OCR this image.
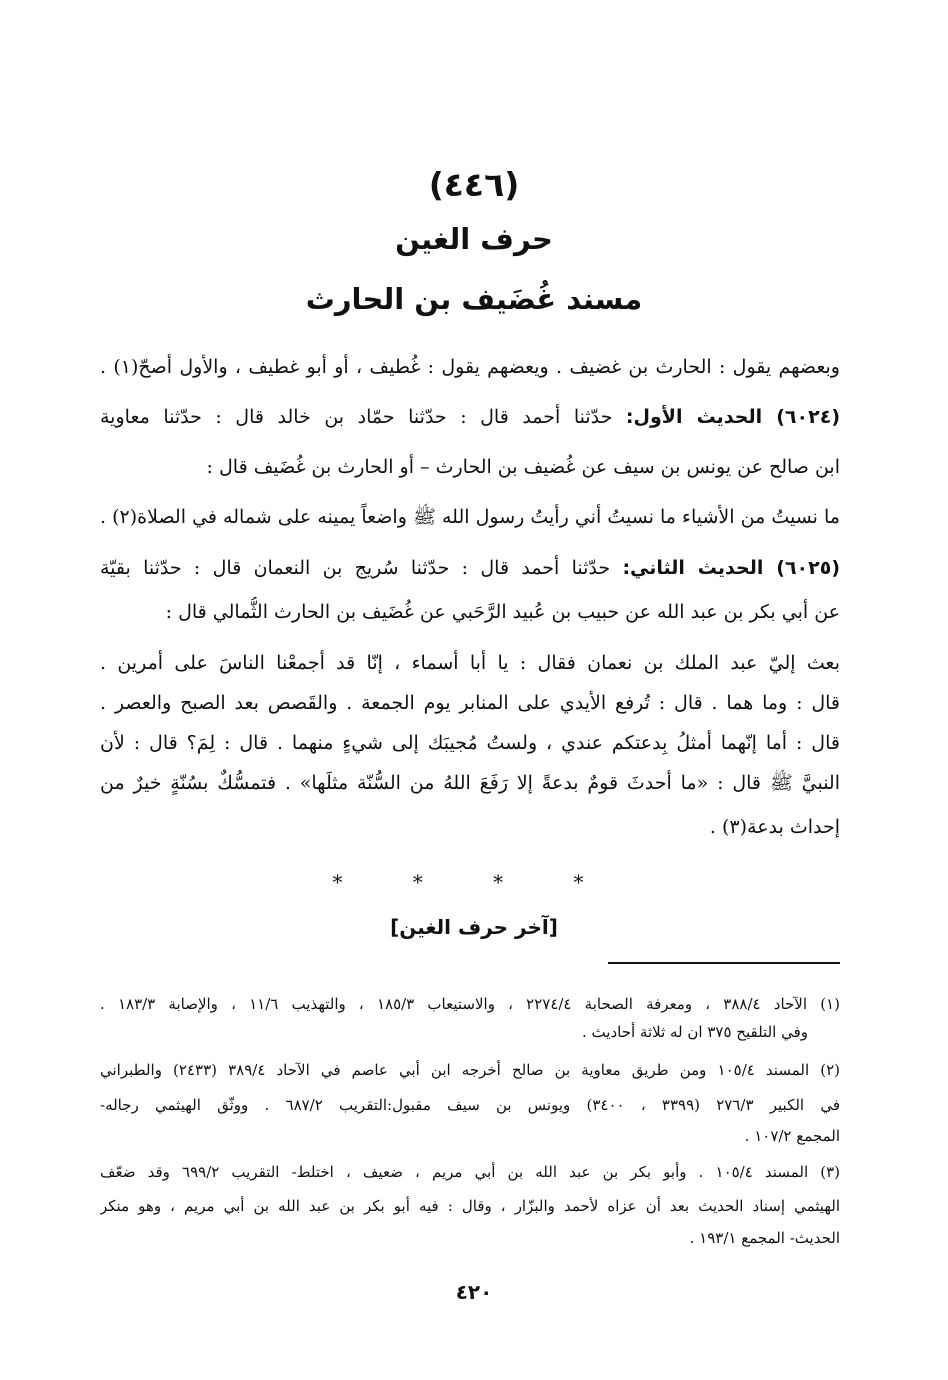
(٤٤٦)
حرف الغين
مسند غُضَيف بن الحارث
وبعضهم يقول : الحارث بن غضيف . ويعضهم يقول : غُطيف ، أو أبو غطيف ، والأول أصحّ(١) .
(٦٠٢٤) الحديث الأول: حدّثنا أحمد قال : حدّثنا حمّاد بن خالد قال : حدّثنا معاوية
ابن صالح عن يونس بن سيف عن غُضيف بن الحارث – أو الحارث بن غُضَيف قال :
ما نسيتُ من الأشياء ما نسيتُ أني رأيتُ رسول الله ﷺ واضعاً يمينه على شماله في الصلاة(٢) .
(٦٠٢٥) الحديث الثاني: حدّثنا أحمد قال : حدّثنا سُريج بن النعمان قال : حدّثنا بقيّة
عن أبي بكر بن عبد الله عن حبيب بن عُبيد الرَّحَبي عن غُضَيف بن الحارث الثُّمالي قال :
بعث إليّ عبد الملك بن نعمان فقال : يا أبا أسماء ، إنّا قد أجمعْنا الناسَ على أمرين .
قال : وما هما . قال : تُرفع الأيدي على المنابر يوم الجمعة . والقَصص بعد الصبح والعصر .
قال : أما إنّهما أمثلُ بِدعتكم عندي ، ولستُ مُجيبَك إلى شيءٍ منهما . قال : لِمَ؟ قال : لأن
النبيَّ ﷺ قال : «ما أحدثَ قومٌ بدعةً إلا رَفَعَ اللهُ من السُّنّة مثلَها» . فتمسُّكٌ بسُنّةٍ خيرٌ من
إحداث بدعة(٣) .
* * * *
[آخر حرف الغين]
(١) الآحاد ٣٨٨/٤ ، ومعرفة الصحابة ٢٢٧٤/٤ ، والاستيعاب ١٨٥/٣ ، والتهذيب ١١/٦ ، والإصابة ١٨٣/٣ .
وفي التلقيح ٣٧٥ ان له ثلاثة أحاديث .
(٢) المسند ١٠٥/٤ ومن طريق معاوية بن صالح أخرجه ابن أبي عاصم في الآحاد ٣٨٩/٤ (٢٤٣٣) والطبراني
في الكبير ٢٧٦/٣ (٣٣٩٩ ، ٣٤٠٠) ويونس بن سيف مقبول:التقريب ٦٨٧/٢ . ووثّق الهيثمي رجاله-
المجمع ١٠٧/٢ .
(٣) المسند ١٠٥/٤ . وأبو بكر بن عبد الله بن أبي مريم ، ضعيف ، اختلط- التقريب ٦٩٩/٢ وقد ضعّف
الهيثمي إسناد الحديث بعد أن عزاه لأحمد والبزّار ، وقال : فيه أبو بكر بن عبد الله بن أبي مريم ، وهو منكر
الحديث- المجمع ١٩٣/١ .
٤٢٠
